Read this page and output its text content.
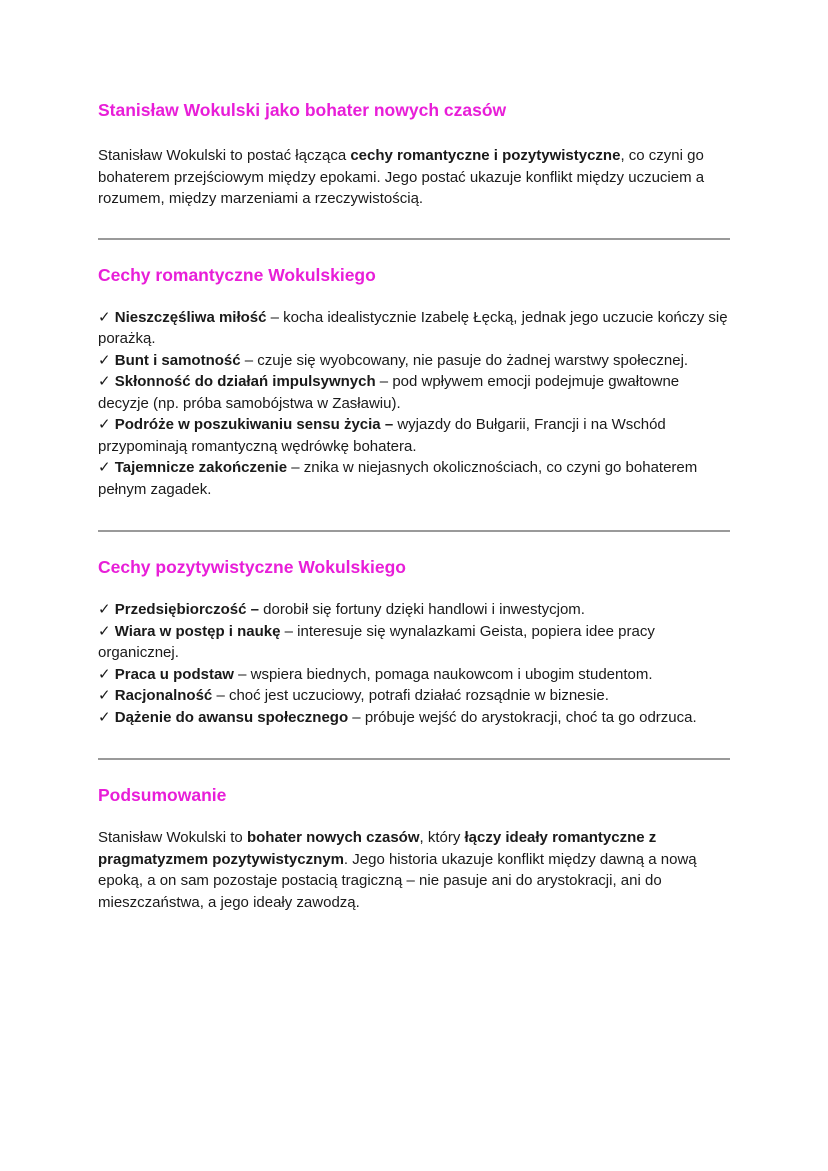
Stanisław Wokulski jako bohater nowych czasów

Stanisław Wokulski to postać łącząca cechy romantyczne i pozytywistyczne, co czyni go bohaterem przejściowym między epokami. Jego postać ukazuje konflikt między uczuciem a rozumem, między marzeniami a rzeczywistością.

Cechy romantyczne Wokulskiego
✓ Nieszczęśliwa miłość – kocha idealistycznie Izabelę Łęcką, jednak jego uczucie kończy się porażką.
✓ Bunt i samotność – czuje się wyobcowany, nie pasuje do żadnej warstwy społecznej.
✓ Skłonność do działań impulsywnych – pod wpływem emocji podejmuje gwałtowne decyzje (np. próba samobójstwa w Zasławiu).
✓ Podróże w poszukiwaniu sensu życia – wyjazdy do Bułgarii, Francji i na Wschód przypominają romantyczną wędrówkę bohatera.
✓ Tajemnicze zakończenie – znika w niejasnych okolicznościach, co czyni go bohaterem pełnym zagadek.
Cechy pozytywistyczne Wokulskiego
✓ Przedsiębiorczość – dorobił się fortuny dzięki handlowi i inwestycjom.
✓ Wiara w postęp i naukę – interesuje się wynalazkami Geista, popiera idee pracy organicznej.
✓ Praca u podstaw – wspiera biednych, pomaga naukowcom i ubogim studentom.
✓ Racjonalność – choć jest uczuciowy, potrafi działać rozsądnie w biznesie.
✓ Dążenie do awansu społecznego – próbuje wejść do arystokracji, choć ta go odrzuca.
Podsumowanie

Stanisław Wokulski to bohater nowych czasów, który łączy ideały romantyczne z pragmatyzmem pozytywistycznym. Jego historia ukazuje konflikt między dawną a nową epoką, a on sam pozostaje postacią tragiczną – nie pasuje ani do arystokracji, ani do mieszczaństwa, a jego ideały zawodzą.
